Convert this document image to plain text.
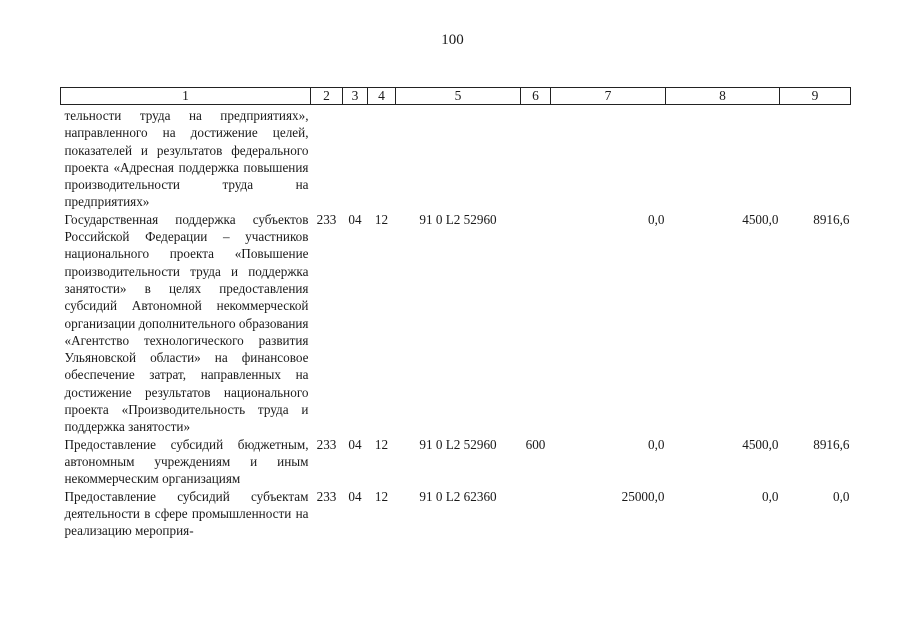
100
1	2	3	4	5	6	7	8	9
тельности труда на предприятиях», направленного на достижение целей, показателей и результатов федерального проекта «Адресная поддержка повышения производительности труда на предприятиях»								
Государственная поддержка субъектов Российской Федерации – участников национального проекта «Повышение производительности труда и поддержка занятости» в целях предоставления субсидий Автономной некоммерческой организации дополнительного образования «Агентство технологического развития Ульяновской области» на финансовое обеспечение затрат, направленных на достижение результатов национального проекта «Производительность труда и поддержка занятости»	233	04	12	91 0 L2 52960		0,0	4500,0	8916,6
Предоставление субсидий бюджетным, автономным учреждениям и иным некоммерческим организациям	233	04	12	91 0 L2 52960	600	0,0	4500,0	8916,6
Предоставление субсидий субъектам деятельности в сфере промышленности на реализацию мероприя-	233	04	12	91 0 L2 62360		25000,0	0,0	0,0
